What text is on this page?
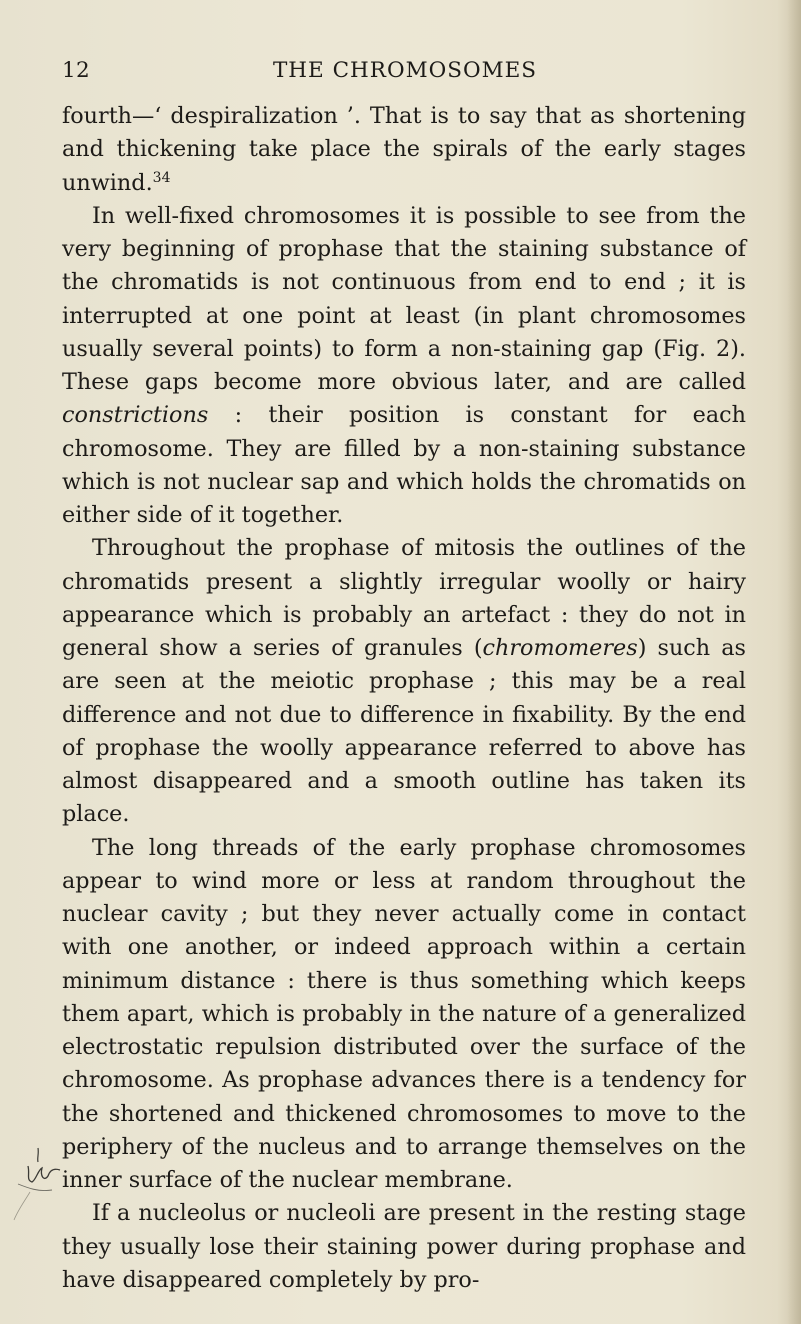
12	THE CHROMOSOMES

fourth—‘ despiralization ’. That is to say that as shortening and thickening take place the spirals of the early stages unwind.$^{34}$

In well-fixed chromosomes it is possible to see from the very beginning of prophase that the staining substance of the chromatids is not continuous from end to end ; it is interrupted at one point at least (in plant chromosomes usually several points) to form a non-staining gap (Fig. 2). These gaps become more obvious later, and are called constrictions : their position is constant for each chromosome. They are filled by a non-staining substance which is not nuclear sap and which holds the chromatids on either side of it together.

Throughout the prophase of mitosis the outlines of the chromatids present a slightly irregular woolly or hairy appearance which is probably an artefact : they do not in general show a series of granules (chromomeres) such as are seen at the meiotic prophase ; this may be a real difference and not due to difference in fixability. By the end of prophase the woolly appearance referred to above has almost disappeared and a smooth outline has taken its place.

The long threads of the early prophase chromosomes appear to wind more or less at random throughout the nuclear cavity ; but they never actually come in contact with one another, or indeed approach within a certain minimum distance : there is thus something which keeps them apart, which is probably in the nature of a generalized electrostatic repulsion distributed over the surface of the chromosome. As prophase advances there is a tendency for the shortened and thickened chromosomes to move to the periphery of the nucleus and to arrange themselves on the inner surface of the nuclear membrane.

If a nucleolus or nucleoli are present in the resting stage they usually lose their staining power during prophase and have disappeared completely by pro-
